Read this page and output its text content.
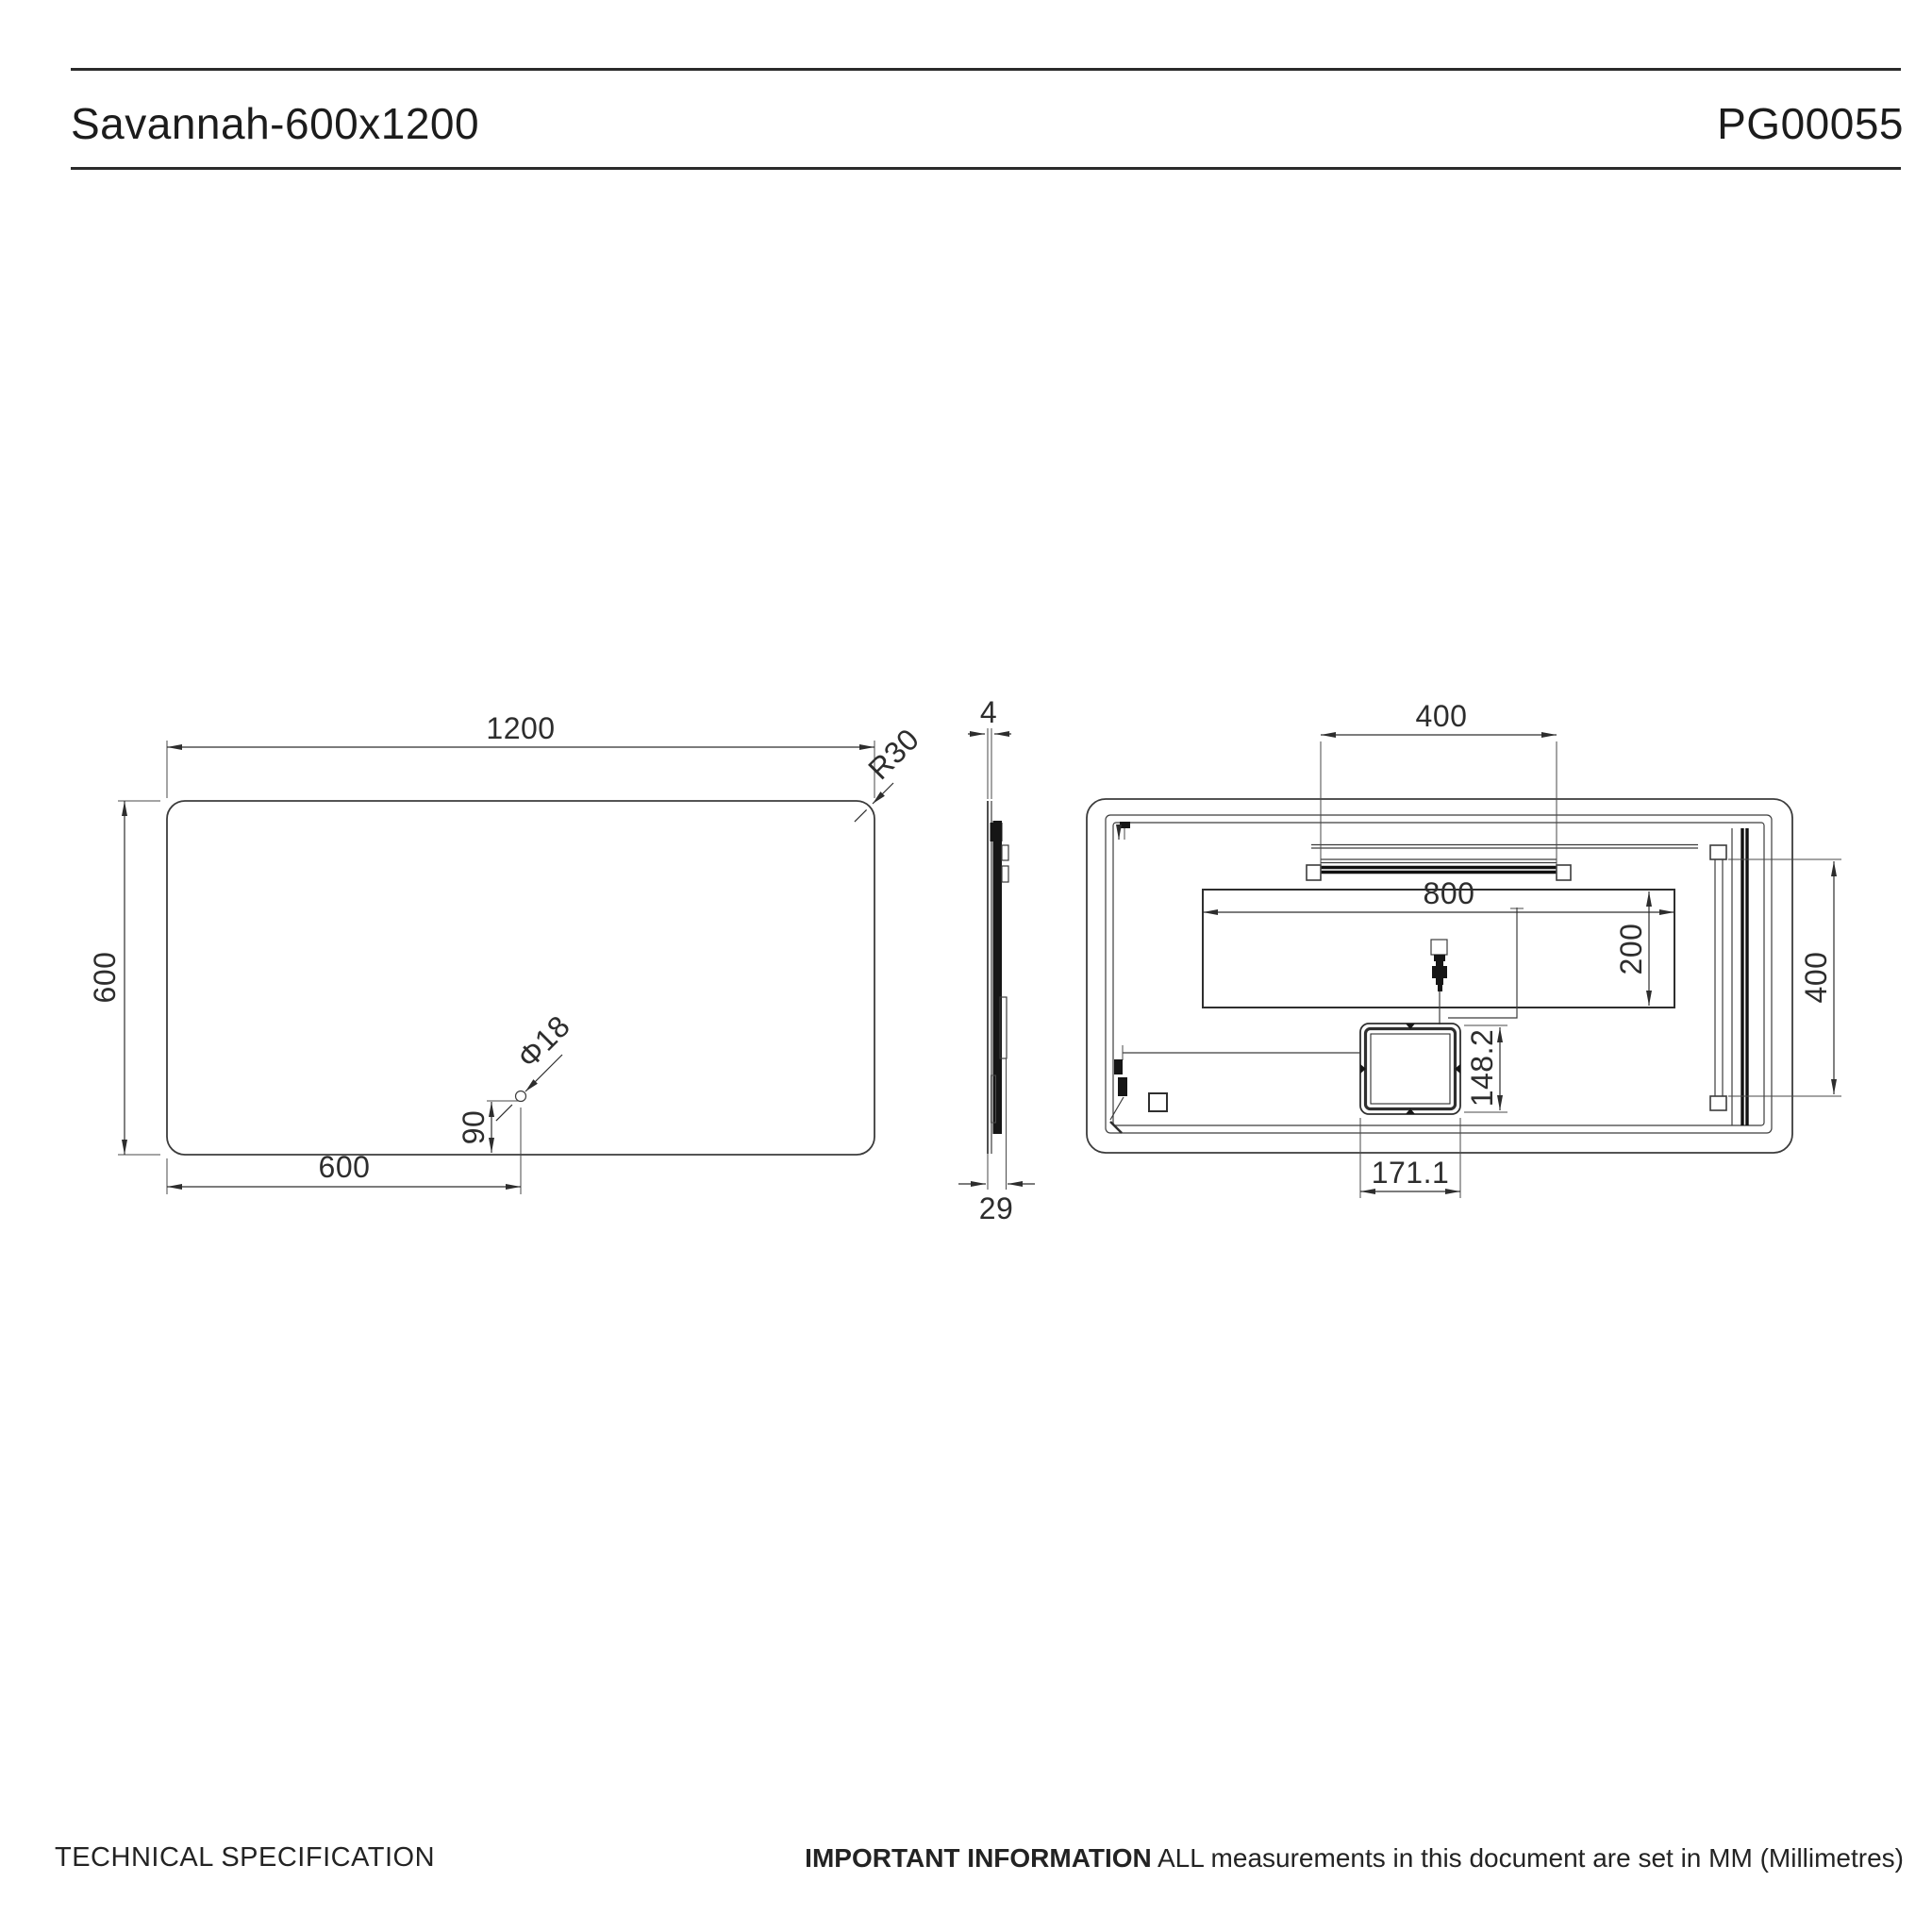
Savannah-600x1200	PG00055
1200
600
600
90
Φ18
R30
4
29
400
800
200
400
148.2
171.1
TECHNICAL SPECIFICATION	IMPORTANT INFORMATION ALL measurements in this document are set in MM (Millimetres)
